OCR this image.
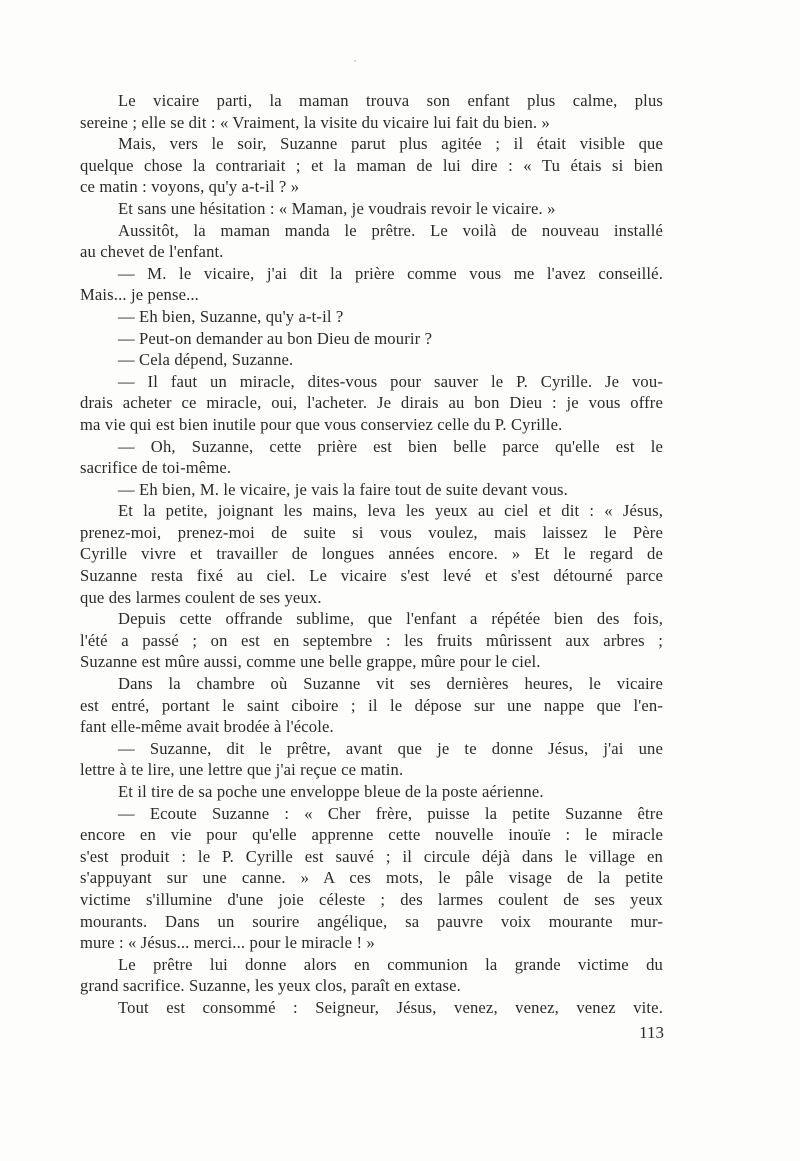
Le vicaire parti, la maman trouva son enfant plus calme, plus
sereine ; elle se dit : « Vraiment, la visite du vicaire lui fait du bien. »
Mais, vers le soir, Suzanne parut plus agitée ; il était visible que
quelque chose la contrariait ; et la maman de lui dire : « Tu étais si bien
ce matin : voyons, qu'y a-t-il ? »
Et sans une hésitation : « Maman, je voudrais revoir le vicaire. »
Aussitôt, la maman manda le prêtre. Le voilà de nouveau installé
au chevet de l'enfant.
— M. le vicaire, j'ai dit la prière comme vous me l'avez conseillé.
Mais... je pense...
— Eh bien, Suzanne, qu'y a-t-il ?
— Peut-on demander au bon Dieu de mourir ?
— Cela dépend, Suzanne.
— Il faut un miracle, dites-vous pour sauver le P. Cyrille. Je vou-
drais acheter ce miracle, oui, l'acheter. Je dirais au bon Dieu : je vous offre
ma vie qui est bien inutile pour que vous conserviez celle du P. Cyrille.
— Oh, Suzanne, cette prière est bien belle parce qu'elle est le
sacrifice de toi-même.
— Eh bien, M. le vicaire, je vais la faire tout de suite devant vous.
Et la petite, joignant les mains, leva les yeux au ciel et dit : « Jésus,
prenez-moi, prenez-moi de suite si vous voulez, mais laissez le Père
Cyrille vivre et travailler de longues années encore. » Et le regard de
Suzanne resta fixé au ciel. Le vicaire s'est levé et s'est détourné parce
que des larmes coulent de ses yeux.
Depuis cette offrande sublime, que l'enfant a répétée bien des fois,
l'été a passé ; on est en septembre : les fruits mûrissent aux arbres ;
Suzanne est mûre aussi, comme une belle grappe, mûre pour le ciel.
Dans la chambre où Suzanne vit ses dernières heures, le vicaire
est entré, portant le saint ciboire ; il le dépose sur une nappe que l'en-
fant elle-même avait brodée à l'école.
— Suzanne, dit le prêtre, avant que je te donne Jésus, j'ai une
lettre à te lire, une lettre que j'ai reçue ce matin.
Et il tire de sa poche une enveloppe bleue de la poste aérienne.
— Ecoute Suzanne : « Cher frère, puisse la petite Suzanne être
encore en vie pour qu'elle apprenne cette nouvelle inouïe : le miracle
s'est produit : le P. Cyrille est sauvé ; il circule déjà dans le village en
s'appuyant sur une canne. » A ces mots, le pâle visage de la petite
victime s'illumine d'une joie céleste ; des larmes coulent de ses yeux
mourants. Dans un sourire angélique, sa pauvre voix mourante mur-
mure : « Jésus... merci... pour le miracle ! »
Le prêtre lui donne alors en communion la grande victime du
grand sacrifice. Suzanne, les yeux clos, paraît en extase.
Tout est consommé : Seigneur, Jésus, venez, venez, venez vite.
113
